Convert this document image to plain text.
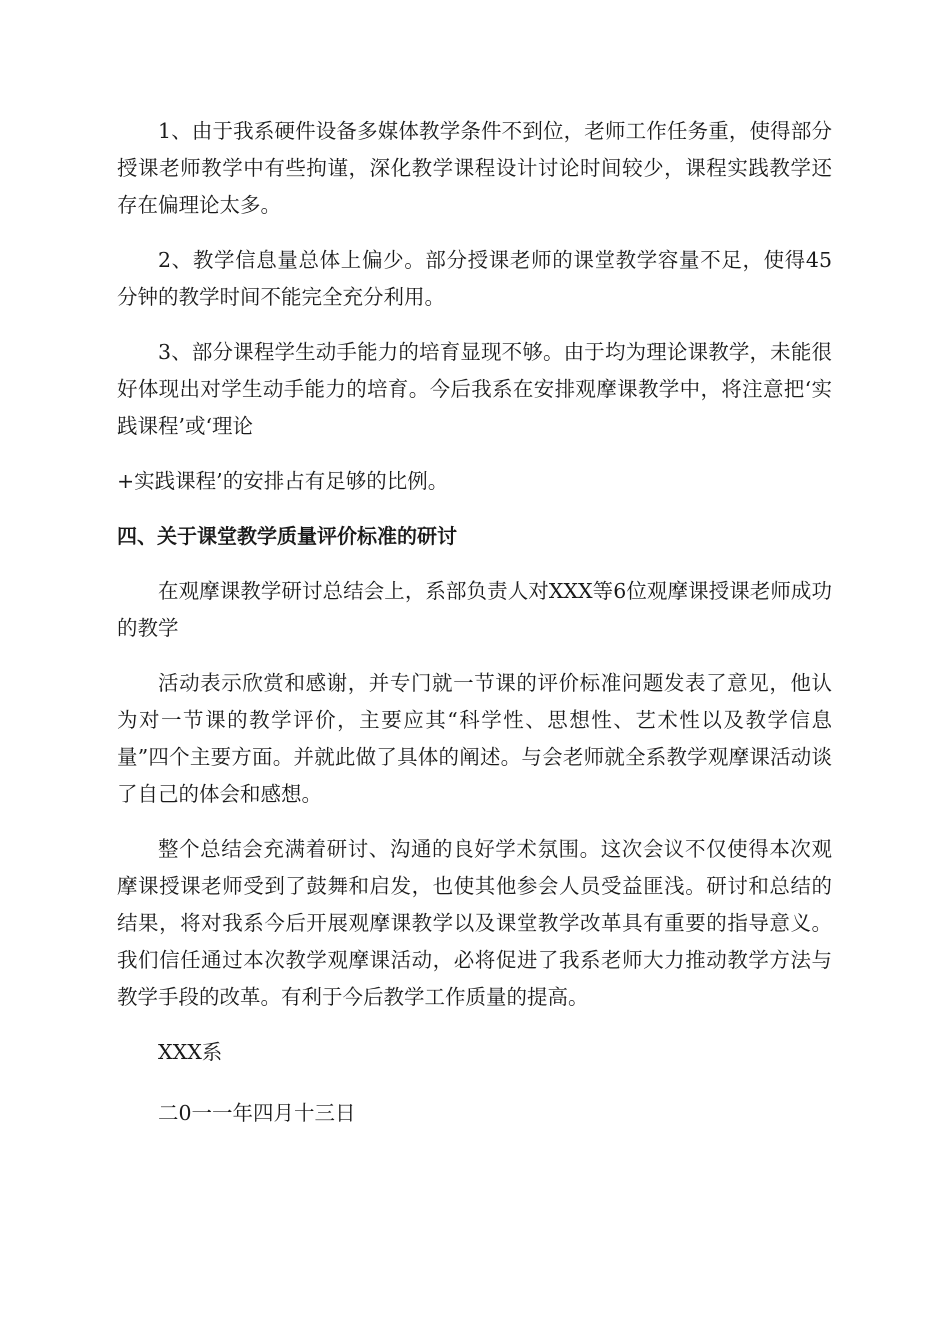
1、由于我系硬件设备多媒体教学条件不到位，老师工作任务重，使得部分授课老师教学中有些拘谨，深化教学课程设计讨论时间较少，课程实践教学还存在偏理论太多。

2、教学信息量总体上偏少。部分授课老师的课堂教学容量不足，使得45分钟的教学时间不能完全充分利用。

3、部分课程学生动手能力的培育显现不够。由于均为理论课教学，未能很好体现出对学生动手能力的培育。今后我系在安排观摩课教学中，将注意把‘实践课程’或‘理论

+实践课程’的安排占有足够的比例。

四、关于课堂教学质量评价标准的研讨

在观摩课教学研讨总结会上，系部负责人对XXX等6位观摩课授课老师成功的教学

活动表示欣赏和感谢，并专门就一节课的评价标准问题发表了意见，他认为对一节课的教学评价，主要应其“科学性、思想性、艺术性以及教学信息量”四个主要方面。并就此做了具体的阐述。与会老师就全系教学观摩课活动谈了自己的体会和感想。

整个总结会充满着研讨、沟通的良好学术氛围。这次会议不仅使得本次观摩课授课老师受到了鼓舞和启发，也使其他参会人员受益匪浅。研讨和总结的结果，将对我系今后开展观摩课教学以及课堂教学改革具有重要的指导意义。我们信任通过本次教学观摩课活动，必将促进了我系老师大力推动教学方法与教学手段的改革。有利于今后教学工作质量的提高。

XXX系

二0一一年四月十三日
